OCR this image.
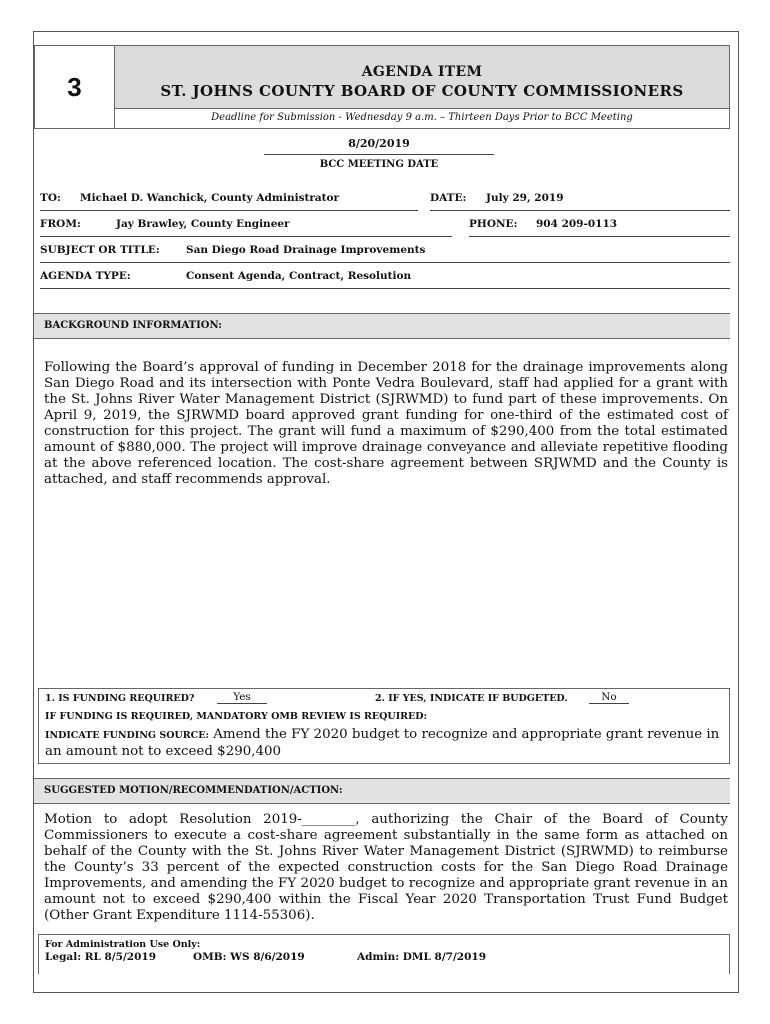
3	AGENDA ITEM
ST. JOHNS COUNTY BOARD OF COUNTY COMMISSIONERS
Deadline for Submission - Wednesday 9 a.m. – Thirteen Days Prior to BCC Meeting
8/20/2019
BCC MEETING DATE
TO: Michael D. Wanchick, County Administrator	DATE: July 29, 2019
FROM:	Jay Brawley, County Engineer	PHONE: 904 209-0113
SUBJECT OR TITLE:	San Diego Road Drainage Improvements
AGENDA TYPE:	Consent Agenda, Contract, Resolution
BACKGROUND INFORMATION:
Following the Board’s approval of funding in December 2018 for the drainage improvements along San Diego Road and its intersection with Ponte Vedra Boulevard, staff had applied for a grant with the St. Johns River Water Management District (SJRWMD) to fund part of these improvements. On April 9, 2019, the SJRWMD board approved grant funding for one-third of the estimated cost of construction for this project. The grant will fund a maximum of $290,400 from the total estimated amount of $880,000. The project will improve drainage conveyance and alleviate repetitive flooding at the above referenced location. The cost-share agreement between SRJWMD and the County is attached, and staff recommends approval.
1. IS FUNDING REQUIRED?	Yes	2. IF YES, INDICATE IF BUDGETED.	No
IF FUNDING IS REQUIRED, MANDATORY OMB REVIEW IS REQUIRED:
INDICATE FUNDING SOURCE: Amend the FY 2020 budget to recognize and appropriate grant revenue in an amount not to exceed $290,400
SUGGESTED MOTION/RECOMMENDATION/ACTION:
Motion to adopt Resolution 2019-________, authorizing the Chair of the Board of County Commissioners to execute a cost-share agreement substantially in the same form as attached on behalf of the County with the St. Johns River Water Management District (SJRWMD) to reimburse the County’s 33 percent of the expected construction costs for the San Diego Road Drainage Improvements, and amending the FY 2020 budget to recognize and appropriate grant revenue in an amount not to exceed $290,400 within the Fiscal Year 2020 Transportation Trust Fund Budget (Other Grant Expenditure 1114-55306).
For Administration Use Only:
Legal: RL 8/5/2019	OMB: WS 8/6/2019	Admin: DML 8/7/2019
